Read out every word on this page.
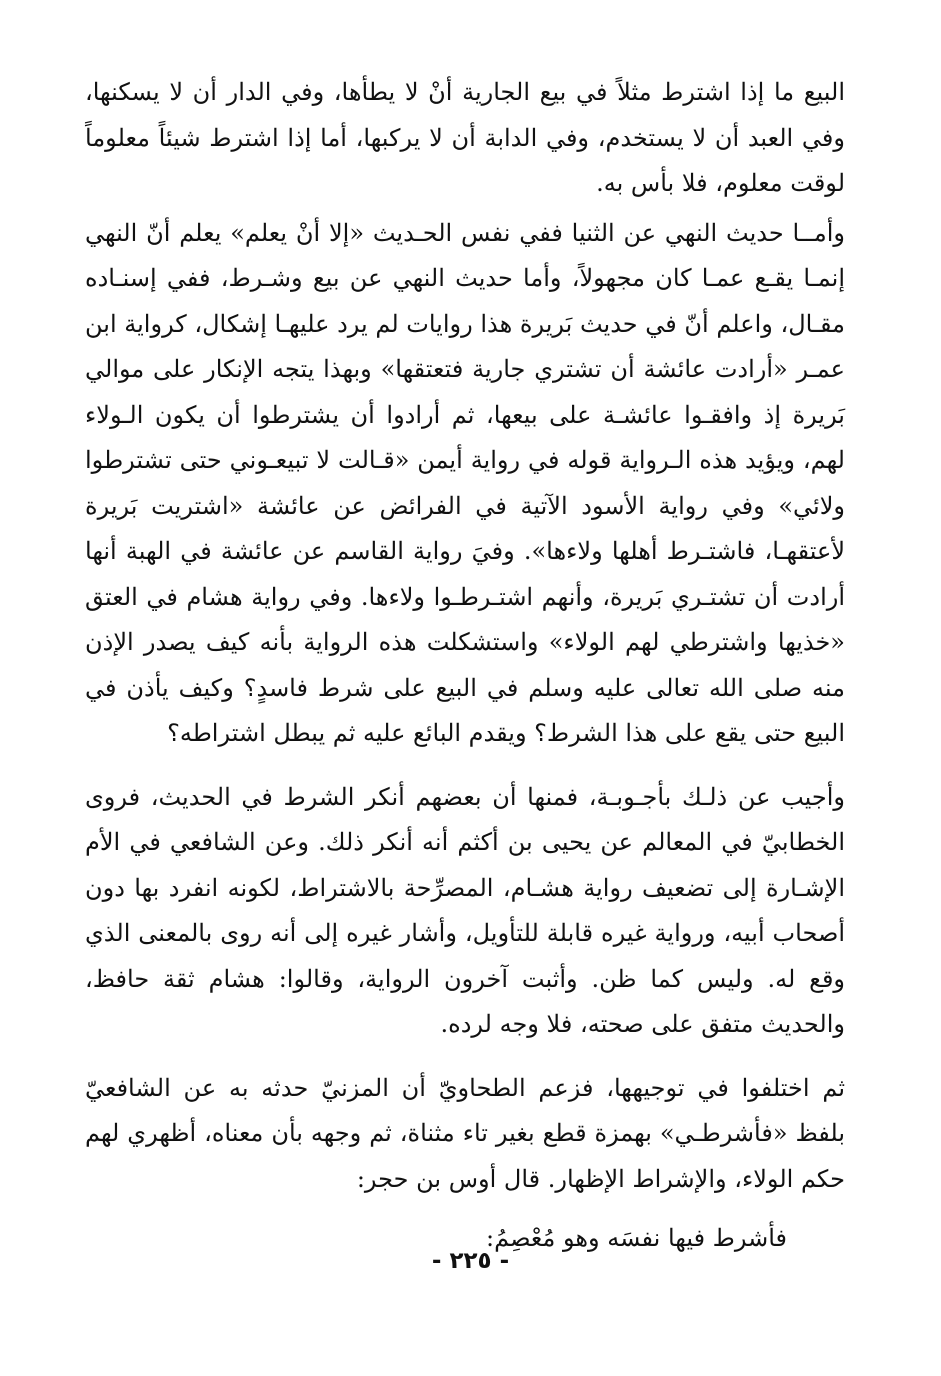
البيع ما إذا اشترط مثلاً في بيع الجارية أنْ لا يطأها، وفي الدار أن لا يسكنها، وفي العبد أن لا يستخدم، وفي الدابة أن لا يركبها، أما إذا اشترط شيئاً معلوماً لوقت معلوم، فلا بأس به.

وأمــا حديث النهي عن الثنيا ففي نفس الحـديث «إلا أنْ يعلم» يعلم أنّ النهي إنمـا يقـع عمـا كان مجهولاً، وأما حديث النهي عن بيع وشـرط، ففي إسنـاده مقـال، واعلم أنّ في حديث بَريرة هذا روايات لم يرد عليهـا إشكال، كرواية ابن عمـر «أرادت عائشة أن تشتري جارية فتعتقها» وبهذا يتجه الإنكار على موالي بَريرة إذ وافقـوا عائشـة على بيعها، ثم أرادوا أن يشترطوا أن يكون الـولاء لهم، ويؤيد هذه الـرواية قوله في رواية أيمن «قـالت لا تبيعـوني حتى تشترطوا ولائي» وفي رواية الأسود الآتية في الفرائض عن عائشة «اشتريت بَريرة لأعتقهـا، فاشتـرط أهلها ولاءها». وفيَ رواية القاسم عن عائشة في الهبة أنها أرادت أن تشتـري بَريرة، وأنهم اشتـرطـوا ولاءها. وفي رواية هشام في العتق «خذيها واشترطي لهم الولاء» واستشكلت هذه الرواية بأنه كيف يصدر الإذن منه صلى الله تعالى عليه وسلم في البيع على شرط فاسدٍ؟ وكيف يأذن في البيع حتى يقع على هذا الشرط؟ ويقدم البائع عليه ثم يبطل اشتراطه؟

وأجيب عن ذلـك بأجـوبـة، فمنها أن بعضهم أنكر الشرط في الحديث، فروى الخطابيّ في المعالم عن يحيى بن أكثم أنه أنكر ذلك. وعن الشافعي في الأم الإشـارة إلى تضعيف رواية هشـام، المصرِّحة بالاشتراط، لكونه انفرد بها دون أصحاب أبيه، ورواية غيره قابلة للتأويل، وأشار غيره إلى أنه روى بالمعنى الذي وقع له. وليس كما ظن. وأثبت آخرون الرواية، وقالوا: هشام ثقة حافظ، والحديث متفق على صحته، فلا وجه لرده.

ثم اختلفوا في توجيهها، فزعم الطحاويّ أن المزنيّ حدثه به عن الشافعيّ بلفظ «فأشرطـي» بهمزة قطع بغير تاء مثناة، ثم وجهه بأن معناه، أظهري لهم حكم الولاء، والإشراط الإظهار. قال أوس بن حجر:

فأشرط فيها نفسَه وهو مُعْصِمُ:

- ٢٢٥ -
